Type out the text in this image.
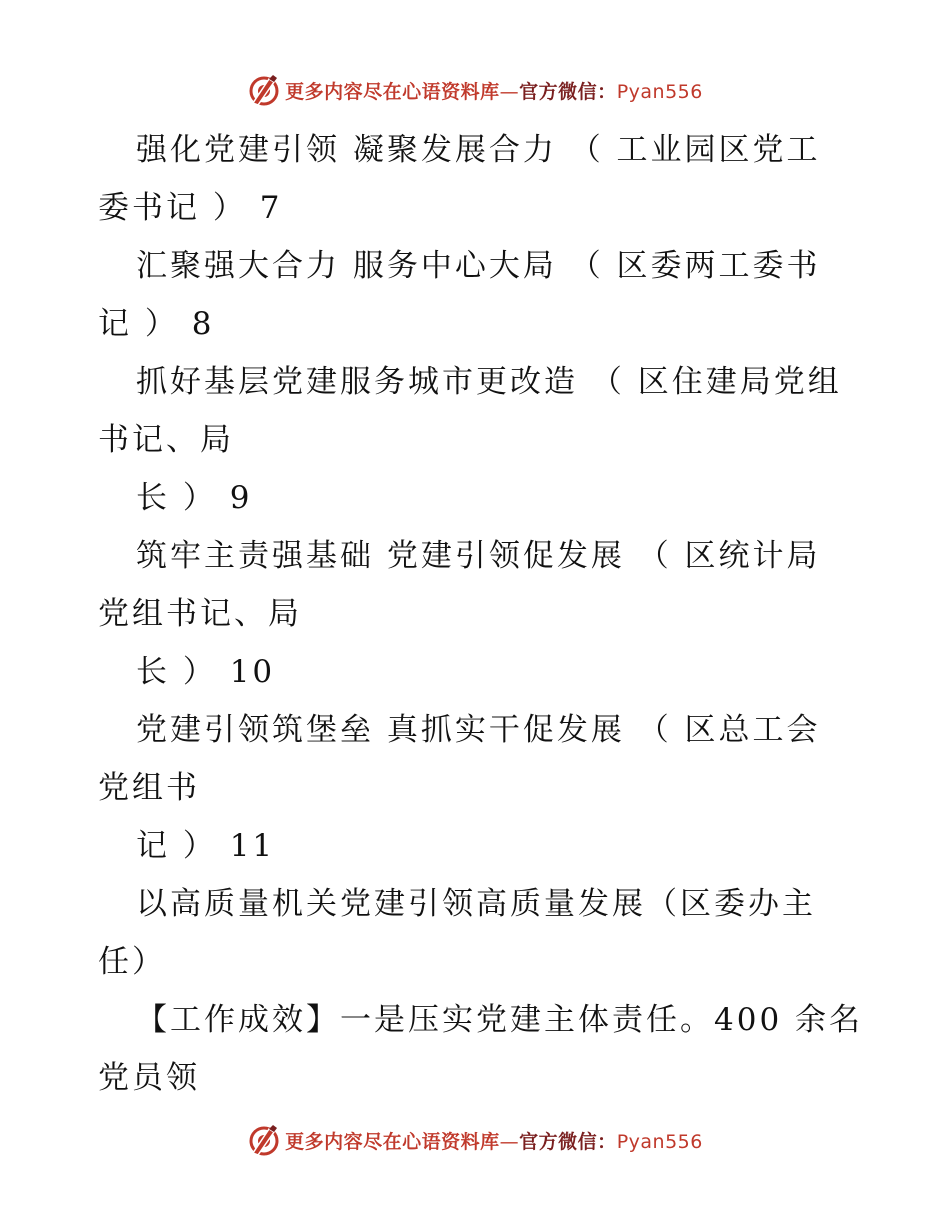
更多内容尽在心语资料库—官方微信：Pyan556
强化党建引领 凝聚发展合力 （ 工业园区党工
委书记 ） 7
汇聚强大合力 服务中心大局 （ 区委两工委书
记 ） 8
抓好基层党建服务城市更改造 （ 区住建局党组
书记、局
长 ） 9
筑牢主责强基础 党建引领促发展 （ 区统计局
党组书记、局
长 ） 10
党建引领筑堡垒 真抓实干促发展 （ 区总工会
党组书
记 ） 11
以高质量机关党建引领高质量发展（区委办主
任）
【工作成效】一是压实党建主体责任。400 余名
党员领
更多内容尽在心语资料库—官方微信：Pyan556
